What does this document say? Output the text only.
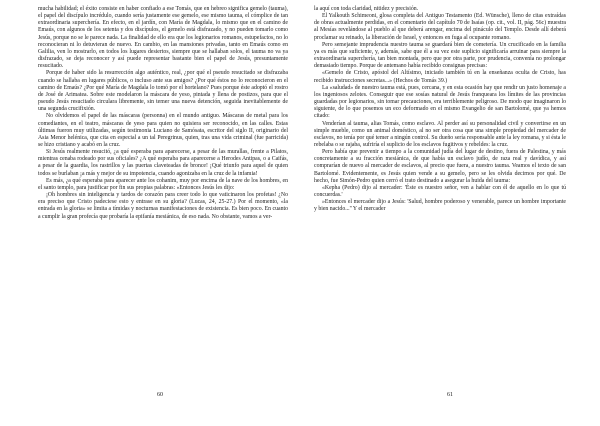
mucha habilidad; el éxito consiste en haber confiado a ese Tomás, que en hebreo significa gemelo (tauma), el papel del discípulo incrédulo, cuando sería justamente ese gemelo, ese mismo tauma, el cómplice de tan extraordinaria superchería. En efecto, en el jardín, con María de Magdala, lo mismo que en el camino de Emaús, con algunos de los setenta y dos discípulos, el gemelo está disfrazado, y no pueden tomarlo como Jesús, porque no se le parece nada. La finalidad de ello era que los legionarios romanos, estupefactos, no lo reconocieran ni lo detuvieran de nuevo. En cambio, en las mansiones privadas, tanto en Emaús como en Galilia, ven lo mostrarlo, en todos los lugares desiertos, siempre que se hallaban solos, el tauma no va ya disfrazado, se deja reconocer y así puede representar bastante bien el papel de Jesús, presuntamente resucitado.

Porque de haber sido la resurrección algo auténtico, real, ¿por qué el pseudo resucitado se disfrazaba cuando se hallaba en lugares públicos, o incluso ante sus amigos? ¿Por qué éstos no lo reconocieron en el camino de Emaús? ¿Por qué María de Magdala lo tomó por el hortelano? Pues porque éste adoptó el rostro de José de Arimatea. Sobre este modelaron la máscara de yeso, pintada y llena de postizos, para que el pseudo Jesús resucitado circulara libremente, sin temer una nueva detención, seguida inevitablemente de una segunda crucifixión.

No olvidemos el papel de las máscaras (personna) en el mundo antiguo. Máscaras de metal para los comediantes, en el teatro, máscaras de yeso para quien no quisiera ser reconocido, en las calles. Estas últimas fueron muy utilizadas, según testimonia Luciano de Samósata, escritor del siglo II, originario del Asia Menor helénica, que cita en especial a un tal Peregrinus, quien, tras una vida criminal (fue parricida) se hizo cristiano y acabó en la cruz.

Si Jesús realmente resucitó, ¿a qué esperaba para aparecerse, a pesar de las murallas, frente a Pilatos, mientras cenaba rodeado por sus oficiales? ¿A qué esperaba para aparecerse a Herodes Antipas, o a Caifás, a pesar de la guardia, los rastrillos y las puertas claveteadas de bronce! ¡Qué triunfo para aquel de quien todos se burlaban ¡a más y mejor de su impotencia, cuando agonizaba en la cruz de la infamia!

Es más, ¿a qué esperaba para aparecer ante los cohanim, muy por encima de la nave de los hombres, en el santo templo, para justificar por fin sus propias palabras: «Entonces Jesús les dijo:

¡Oh hombres sin inteligencia y tardos de corazón para creer todo lo que vaticinaron los profetas! ¿No era preciso que Cristo padeciese esto y entrase en su gloria? (Lucas, 24, 25-27.) Por el momento, «la entrada en la gloria» se limita a tímidas y nocturnas manifestaciones de existencia. Es bien poco. En cuanto a cumplir la gran profecía que probaría la epifanía mesiánica, de eso nada. No obstante, vamos a ver-

60

la aquí con toda claridad, nitidez y precisión.

El Yalkouth Schimeoni, glosa completa del Antiguo Testamento (Ed. Wünsche), lleno de citas extraídas de obras actualmente perdidas, en el comentario del capítulo 70 de Isaías (op. cit., vol. II, pág. 56c) muestra al Mesías revelándose al pueblo al que deberá arengar, encima del pináculo del Templo. Desde allí deberá proclamar su reinado, la liberación de Israel, y entonces en fuga al ocupante romano.

Pero semejante imprudencia nuestro tauma se guardará bien de cometería. Un crucificado en la familia ya es más que suficiente, y, además, sabe que él a su vez este suplicio significaría arruinar para siempre la extraordinaria superchería, tan bien montada, pero que por otra parte, por prudencia, convenía no prolongar demasiado tiempo. Porque de antemano había recibido consignas precisas:

«Gemelo de Cristo, apóstol del Altísimo, iniciado también tú en la enseñanza oculta de Cristo, has recibido instrucciones secretas...» (Hechos de Tomás 39.)

La «saludad» de nuestro tauma está, pues, cercana, y en esta ocasión hay que rendir un justo homenaje a los ingeniosos zelotes. Conseguir que ese sosías natural de Jesús franqueara los límites de las provincias guardadas por legionarios, sin tomar precauciones, era terriblemente peligroso. De modo que imaginaron lo siguiente, de lo que posemos un eco deformado en el mismo Evangelio de san Bartolomé, que ya hemos citado:

Venderían al tauma, alias Tomás, como esclavo. Al perder así su personalidad civil y convertirse en un simple mueble, como un animal doméstico, al no ser otra cosa que una simple propiedad del mercader de esclavos, no tenía por qué temer a ningún control. Su dueño sería responsable ante la ley romana, y si ésta le rebelaba o se rajaba, sufriría el suplicio de los esclavos fugitivos y rebeldes: la cruz.

Pero había que prevenir a tiempo a la comunidad judía del lugar de destino, fuera de Palestina, y más concretamente a su fracción mesiánica, de que había un esclavo judío, de raza real y davídica, y así comprarían de nuevo al mercader de esclavos, al precio que fuera, a nuestro tauma. Veamos el texto de san Bartolomé. Evidentemente, es Jesús quien vende a su gemelo, pero se les olvida decirnos por qué. De hecho, fue Simón-Pedro quien cerró el trato destinado a asegurar la huida del tauma:

«Kepha (Pedro) dijo al mercader: 'Éste es nuestro señor, ven a hablar con él de aquello en lo que tú concuerdas.'

»Entonces el mercader dijo a Jesús: 'Salud, hombre poderoso y venerable, parece un hombre importante y bien nacido...'' Y el mercader

61
